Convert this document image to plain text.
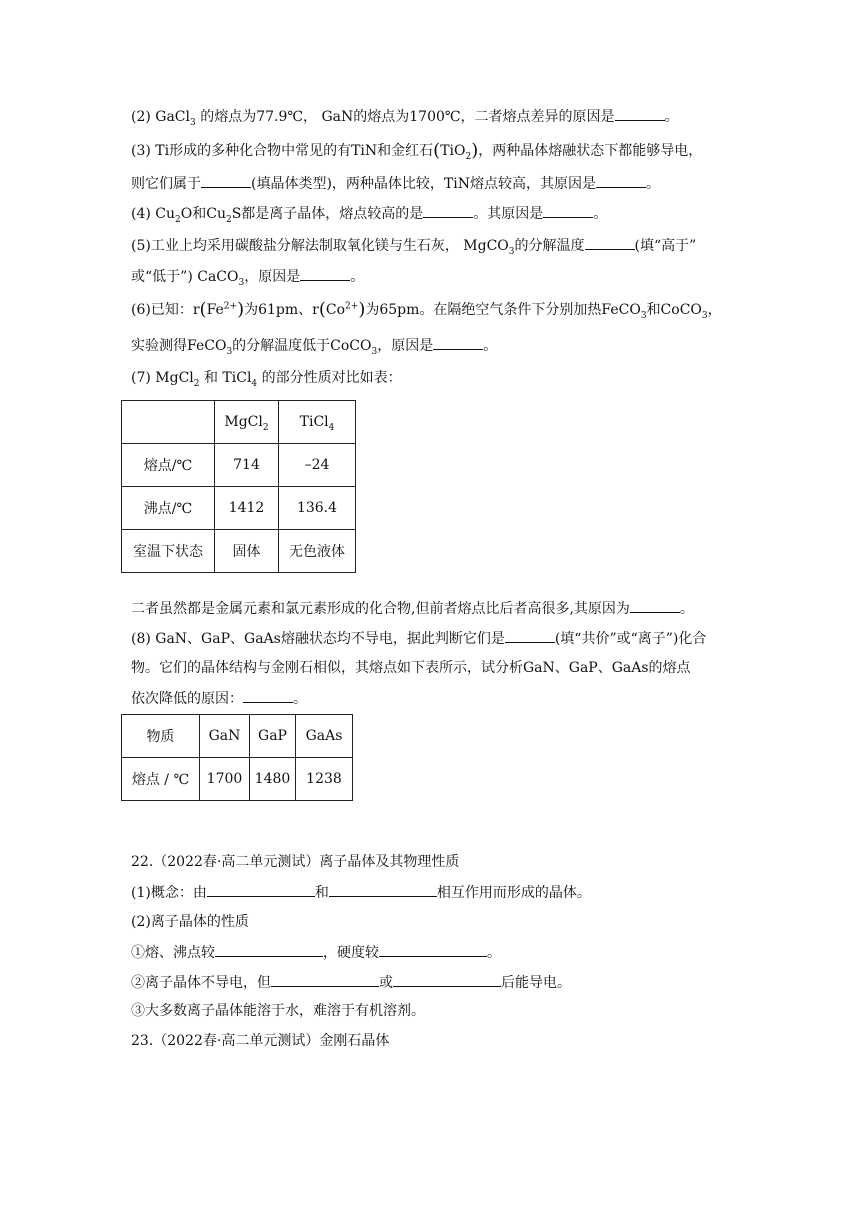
(2) GaCl$_3$ 的熔点为77.9℃， GaN的熔点为1700℃，二者熔点差异的原因是	。
(3) Ti形成的多种化合物中常见的有TiN和金红石(TiO$_2$)，两种晶体熔融状态下都能够导电，
则它们属于	(填晶体类型)，两种晶体比较，TiN熔点较高，其原因是	。
(4) $Cu_2O$和$Cu_2S$都是离子晶体，熔点较高的是	。其原因是	。
(5)工业上均采用碳酸盐分解法制取氧化镁与生石灰， MgCO$_3$的分解温度	(填“高于”
或“低于”) CaCO$_3$，原因是	。
(6)已知：$r(Fe^{2+})$为61pm、$r(Co^{2+})$为65pm。在隔绝空气条件下分别加热FeCO$_3$和CoCO$_3$，
实验测得FeCO$_3$的分解温度低于CoCO$_3$，原因是	。
(7) MgCl$_2$ 和 TiCl$_4$ 的部分性质对比如表：
	MgCl$_2$	TiCl$_4$
熔点/℃	714	–24
沸点/℃	1412	136.4
室温下状态	固体	无色液体
二者虽然都是金属元素和氯元素形成的化合物,但前者熔点比后者高很多,其原因为	。
(8) GaN、GaP、GaAs熔融状态均不导电，据此判断它们是	(填“共价”或“离子”)化合
物。它们的晶体结构与金刚石相似，其熔点如下表所示，试分析GaN、GaP、GaAs的熔点
依次降低的原因：	。
物质	GaN	GaP	GaAs
熔点 / ℃	1700	1480	1238
22.（2022春·高二单元测试）离子晶体及其物理性质
(1)概念：由	和	相互作用而形成的晶体。
(2)离子晶体的性质
①熔、沸点较	，硬度较	。
②离子晶体不导电，但	或	后能导电。
③大多数离子晶体能溶于水，难溶于有机溶剂。
23.（2022春·高二单元测试）金刚石晶体
